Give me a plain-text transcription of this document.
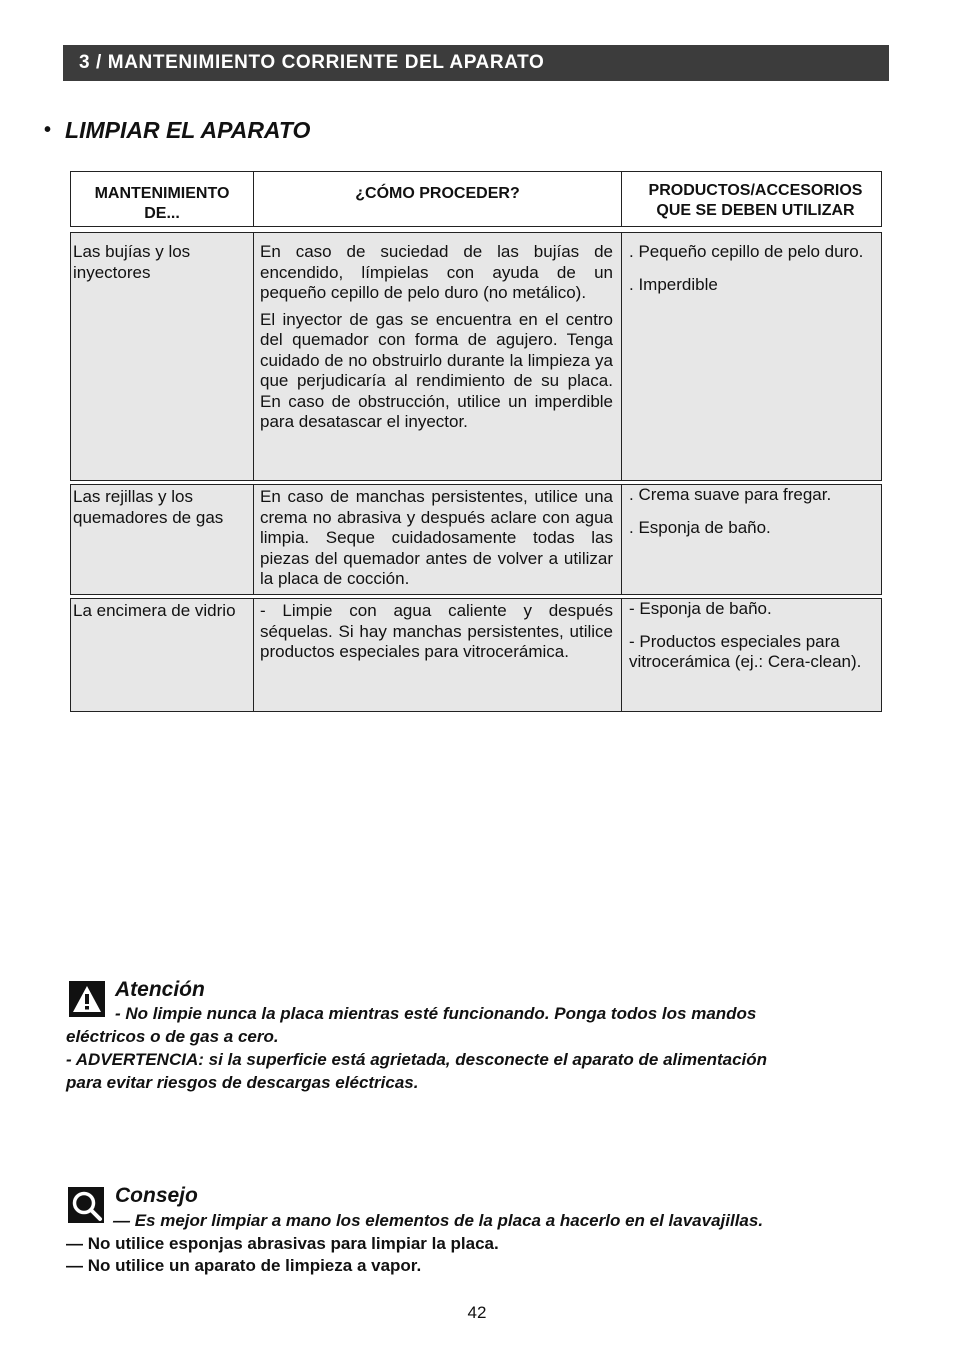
3 / MANTENIMIENTO CORRIENTE DEL APARATO
• LIMPIAR EL APARATO
MANTENIMIENTO DE...
¿CÓMO PROCEDER?	PRODUCTOS/ACCESORIOS QUE SE DEBEN UTILIZAR
Las bujías y los inyectores

En caso de suciedad de las bujías de encendido, límpielas con ayuda de un pequeño cepillo de pelo duro (no metálico).

El inyector de gas se encuentra en el centro del quemador con forma de agujero. Tenga cuidado de no obstruirlo durante la limpieza ya que perjudicaría al rendimiento de su placa. En caso de obstrucción, utilice un imperdible para desatascar el inyector.

. Pequeño cepillo de pelo duro.

. Imperdible

Las rejillas y los quemadores de gas

En caso de manchas persistentes, utilice una crema no abrasiva y después aclare con agua limpia. Seque cuidadosamente todas las piezas del quemador antes de volver a utilizar la placa de cocción.

. Crema suave para fregar.

. Esponja de baño.

La encimera de vidrio	- Limpie con agua caliente y después séquelas. Si hay manchas persistentes, utilice productos especiales para vitrocerámica.

- Esponja de baño.

- Productos especiales para vitrocerámica (ej.: Cera-clean).

Atención
- No limpie nunca la placa mientras esté funcionando. Ponga todos los mandos
eléctricos o de gas a cero.
- ADVERTENCIA: si la superficie está agrietada, desconecte el aparato de alimentación
para evitar riesgos de descargas eléctricas.
Consejo
— Es mejor limpiar a mano los elementos de la placa a hacerlo en el lavavajillas.
— No utilice esponjas abrasivas para limpiar la placa.
— No utilice un aparato de limpieza a vapor.
42
